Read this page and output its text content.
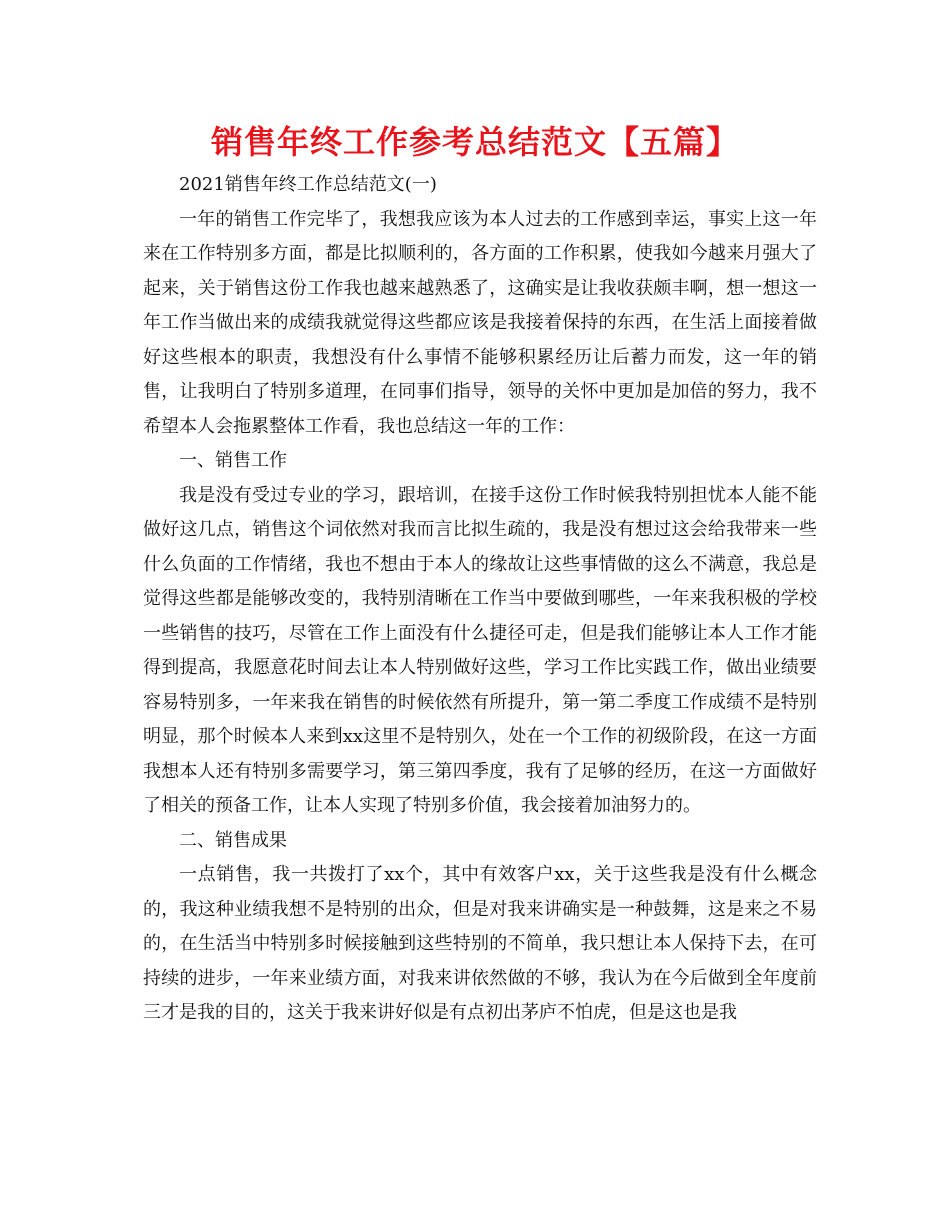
销售年终工作参考总结范文【五篇】

2021销售年终工作总结范文(一)

一年的销售工作完毕了，我想我应该为本人过去的工作感到幸运，事实上这一年来在工作特别多方面，都是比拟顺利的，各方面的工作积累，使我如今越来月强大了起来，关于销售这份工作我也越来越熟悉了，这确实是让我收获颇丰啊，想一想这一年工作当做出来的成绩我就觉得这些都应该是我接着保持的东西，在生活上面接着做好这些根本的职责，我想没有什么事情不能够积累经历让后蓄力而发，这一年的销售，让我明白了特别多道理，在同事们指导，领导的关怀中更加是加倍的努力，我不希望本人会拖累整体工作看，我也总结这一年的工作：

一、销售工作

我是没有受过专业的学习，跟培训，在接手这份工作时候我特别担忧本人能不能做好这几点，销售这个词依然对我而言比拟生疏的，我是没有想过这会给我带来一些什么负面的工作情绪，我也不想由于本人的缘故让这些事情做的这么不满意，我总是觉得这些都是能够改变的，我特别清晰在工作当中要做到哪些，一年来我积极的学校一些销售的技巧，尽管在工作上面没有什么捷径可走，但是我们能够让本人工作才能得到提高，我愿意花时间去让本人特别做好这些，学习工作比实践工作，做出业绩要容易特别多，一年来我在销售的时候依然有所提升，第一第二季度工作成绩不是特别明显，那个时候本人来到xx这里不是特别久，处在一个工作的初级阶段，在这一方面我想本人还有特别多需要学习，第三第四季度，我有了足够的经历，在这一方面做好了相关的预备工作，让本人实现了特别多价值，我会接着加油努力的。

二、销售成果

一点销售，我一共拨打了xx个，其中有效客户xx，关于这些我是没有什么概念的，我这种业绩我想不是特别的出众，但是对我来讲确实是一种鼓舞，这是来之不易的，在生活当中特别多时候接触到这些特别的不简单，我只想让本人保持下去，在可持续的进步，一年来业绩方面，对我来讲依然做的不够，我认为在今后做到全年度前三才是我的目的，这关于我来讲好似是有点初出茅庐不怕虎，但是这也是我
